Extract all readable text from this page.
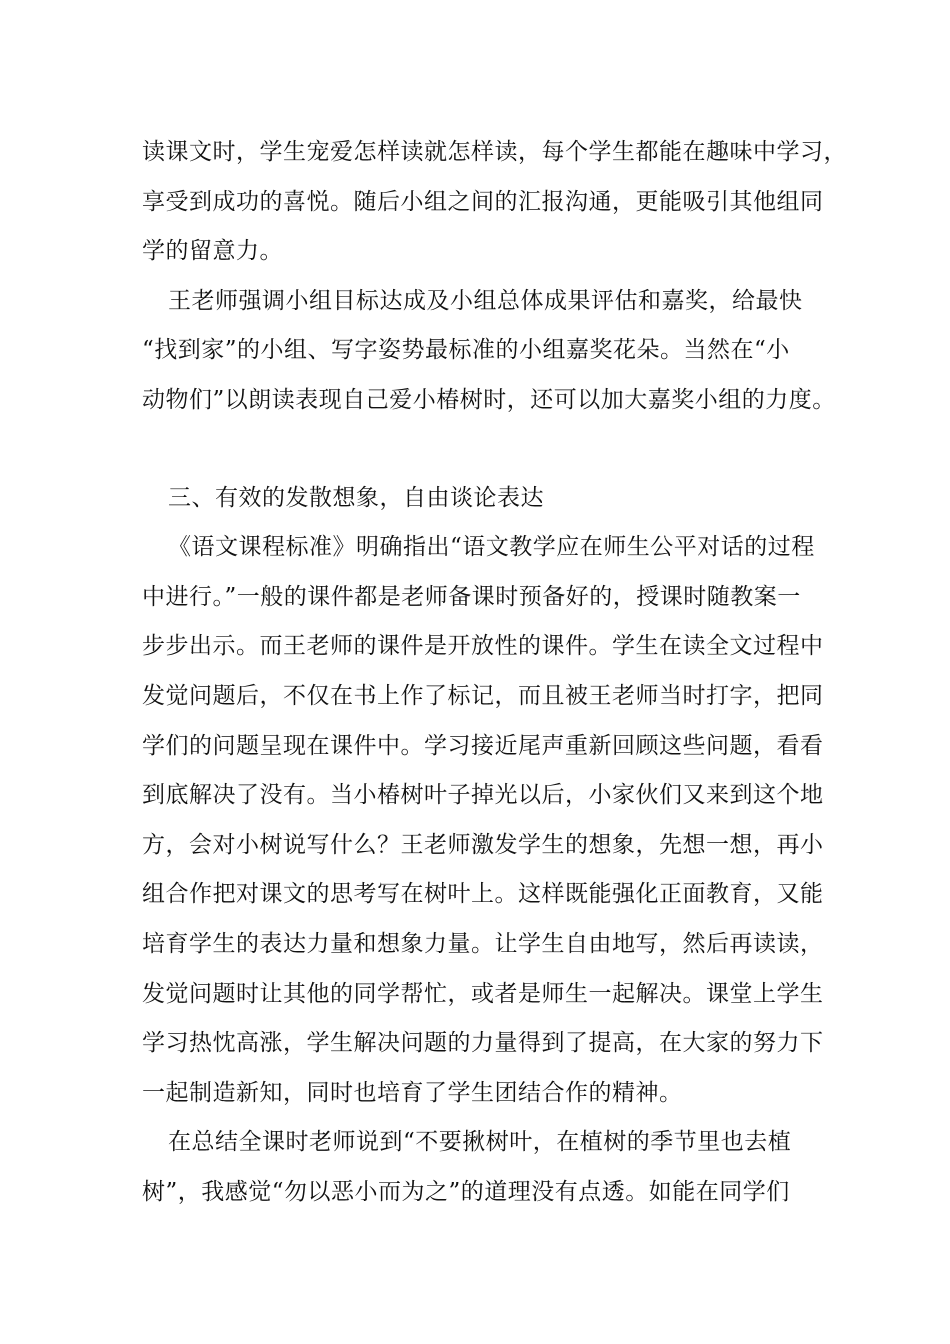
读课文时，学生宠爱怎样读就怎样读，每个学生都能在趣味中学习，
享受到成功的喜悦。随后小组之间的汇报沟通，更能吸引其他组同
学的留意力。

王老师强调小组目标达成及小组总体成果评估和嘉奖，给最快
“找到家”的小组、写字姿势最标准的小组嘉奖花朵。当然在“小
动物们”以朗读表现自己爱小椿树时，还可以加大嘉奖小组的力度。

三、有效的发散想象，自由谈论表达

《语文课程标准》明确指出“语文教学应在师生公平对话的过程
中进行。”一般的课件都是老师备课时预备好的，授课时随教案一
步步出示。而王老师的课件是开放性的课件。学生在读全文过程中
发觉问题后，不仅在书上作了标记，而且被王老师当时打字，把同
学们的问题呈现在课件中。学习接近尾声重新回顾这些问题，看看
到底解决了没有。当小椿树叶子掉光以后，小家伙们又来到这个地
方，会对小树说写什么？王老师激发学生的想象，先想一想，再小
组合作把对课文的思考写在树叶上。这样既能强化正面教育，又能
培育学生的表达力量和想象力量。让学生自由地写，然后再读读，
发觉问题时让其他的同学帮忙，或者是师生一起解决。课堂上学生
学习热忱高涨，学生解决问题的力量得到了提高，在大家的努力下
一起制造新知，同时也培育了学生团结合作的精神。

在总结全课时老师说到“不要揪树叶，在植树的季节里也去植
树”，我感觉“勿以恶小而为之”的道理没有点透。如能在同学们
